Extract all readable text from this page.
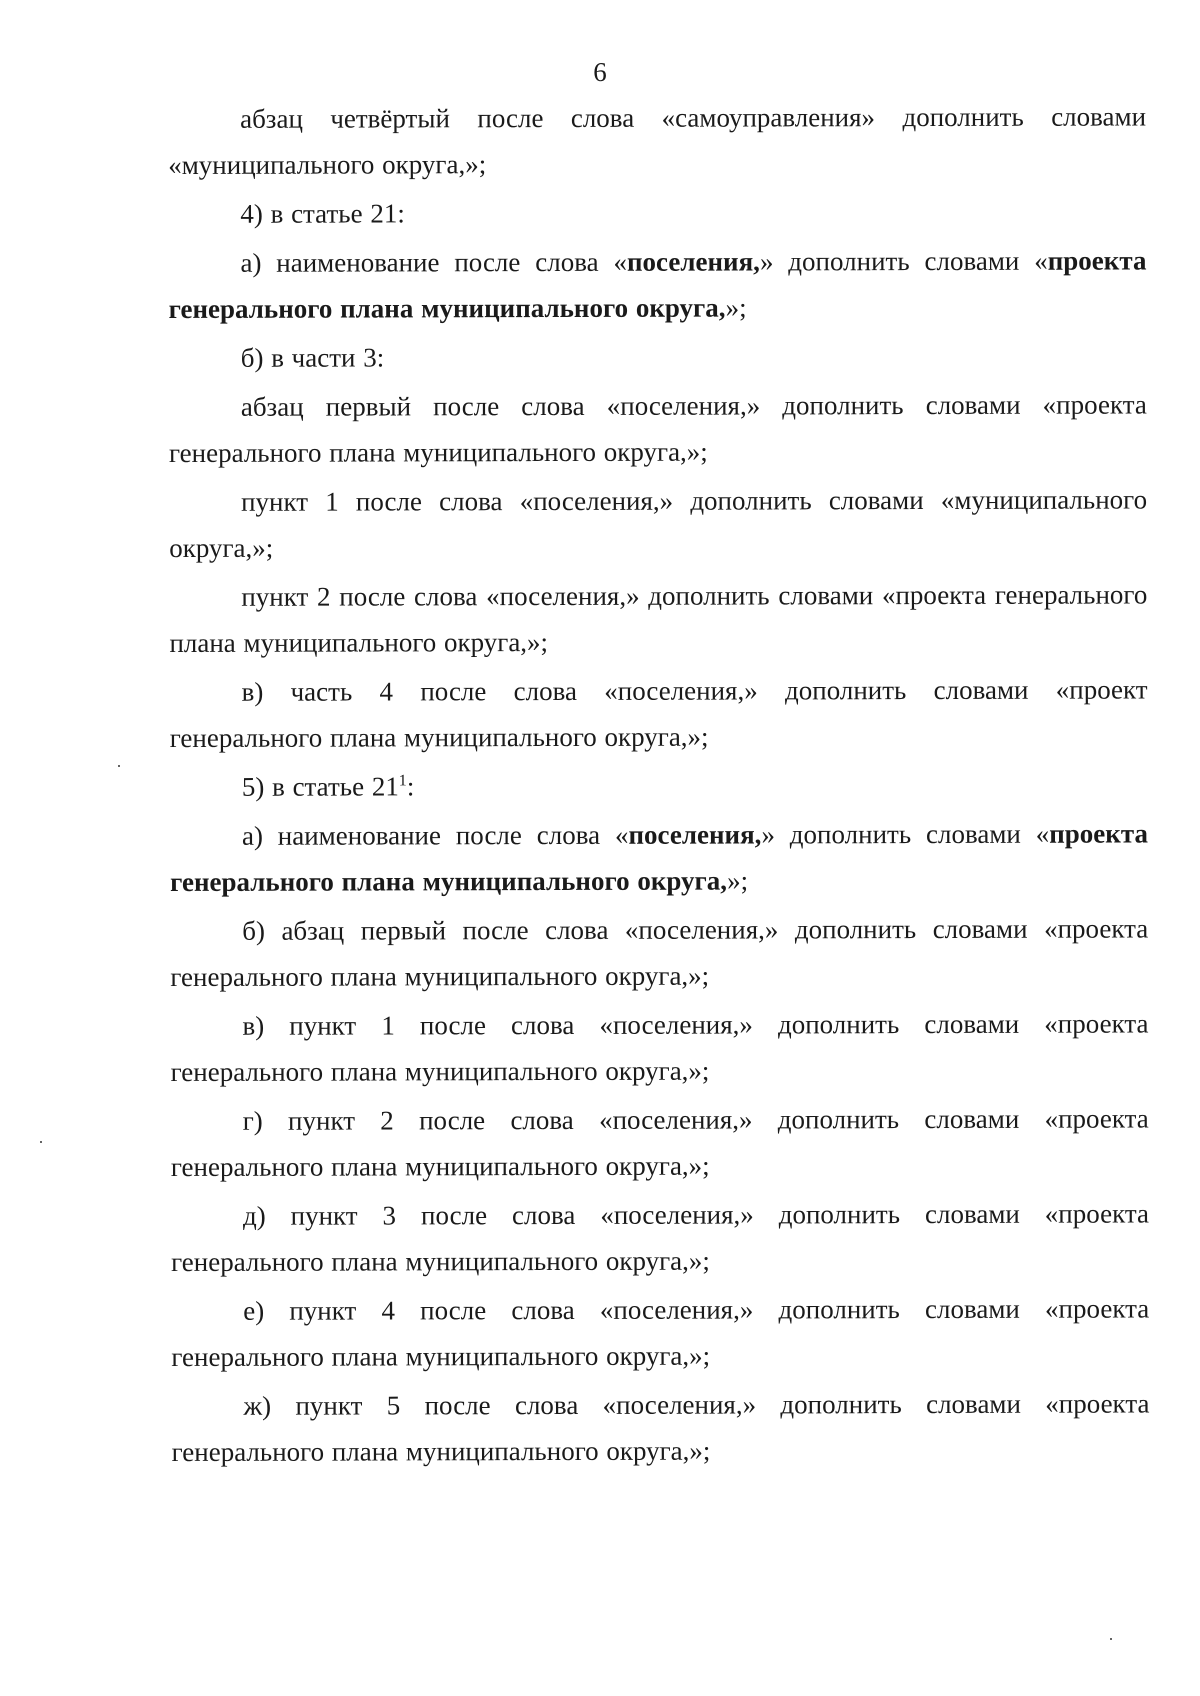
6

абзац четвёртый после слова «самоуправления» дополнить словами «муниципального округа,»;

4) в статье 21:

а) наименование после слова «поселения,» дополнить словами «проекта генерального плана муниципального округа,»;

б) в части 3:

абзац первый после слова «поселения,» дополнить словами «проекта генерального плана муниципального округа,»;

пункт 1 после слова «поселения,» дополнить словами «муниципального округа,»;

пункт 2 после слова «поселения,» дополнить словами «проекта генерального плана муниципального округа,»;

в) часть 4 после слова «поселения,» дополнить словами «проект генерального плана муниципального округа,»;

5) в статье $21^1$:

а) наименование после слова «поселения,» дополнить словами «проекта генерального плана муниципального округа,»;

б) абзац первый после слова «поселения,» дополнить словами «проекта генерального плана муниципального округа,»;

в) пункт 1 после слова «поселения,» дополнить словами «проекта генерального плана муниципального округа,»;

г) пункт 2 после слова «поселения,» дополнить словами «проекта генерального плана муниципального округа,»;

д) пункт 3 после слова «поселения,» дополнить словами «проекта генерального плана муниципального округа,»;

е) пункт 4 после слова «поселения,» дополнить словами «проекта генерального плана муниципального округа,»;

ж) пункт 5 после слова «поселения,» дополнить словами «проекта генерального плана муниципального округа,»;
